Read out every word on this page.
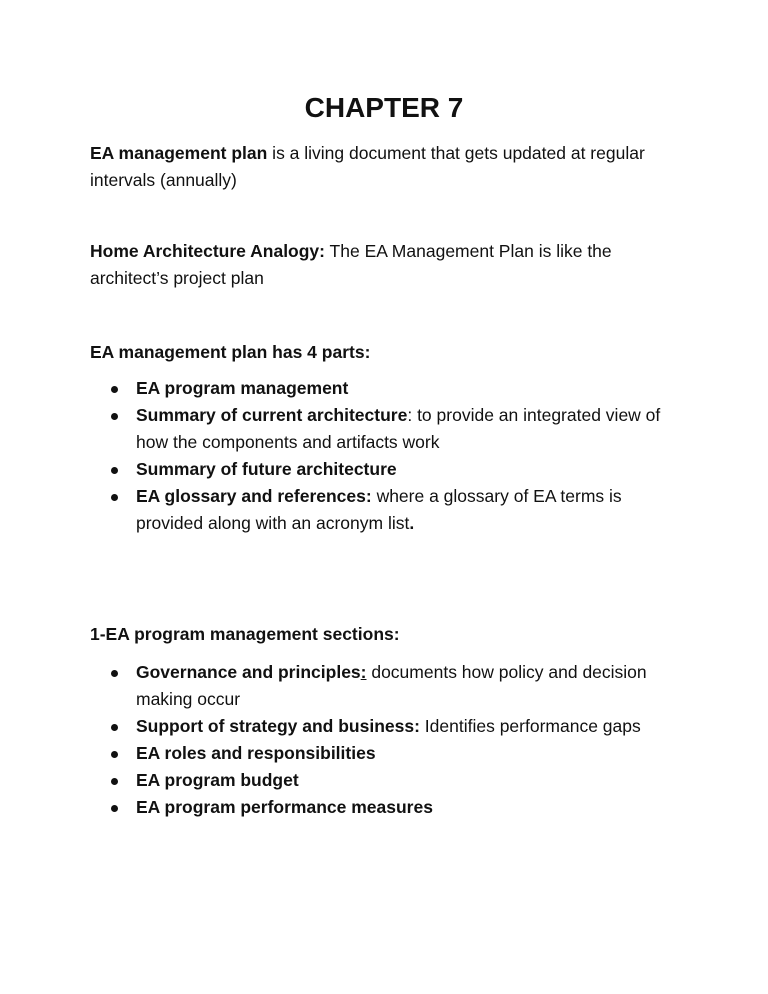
CHAPTER 7

EA management plan is a living document that gets updated at regular intervals (annually)

Home Architecture Analogy: The EA Management Plan is like the architect’s project plan

EA management plan has 4 parts:

EA program management
Summary of current architecture: to provide an integrated view of how the components and artifacts work
Summary of future architecture
EA glossary and references: where a glossary of EA terms is provided along with an acronym list.

1-EA program management sections:

Governance and principles: documents how policy and decision making occur
Support of strategy and business: Identifies performance gaps
EA roles and responsibilities
EA program budget
EA program performance measures
